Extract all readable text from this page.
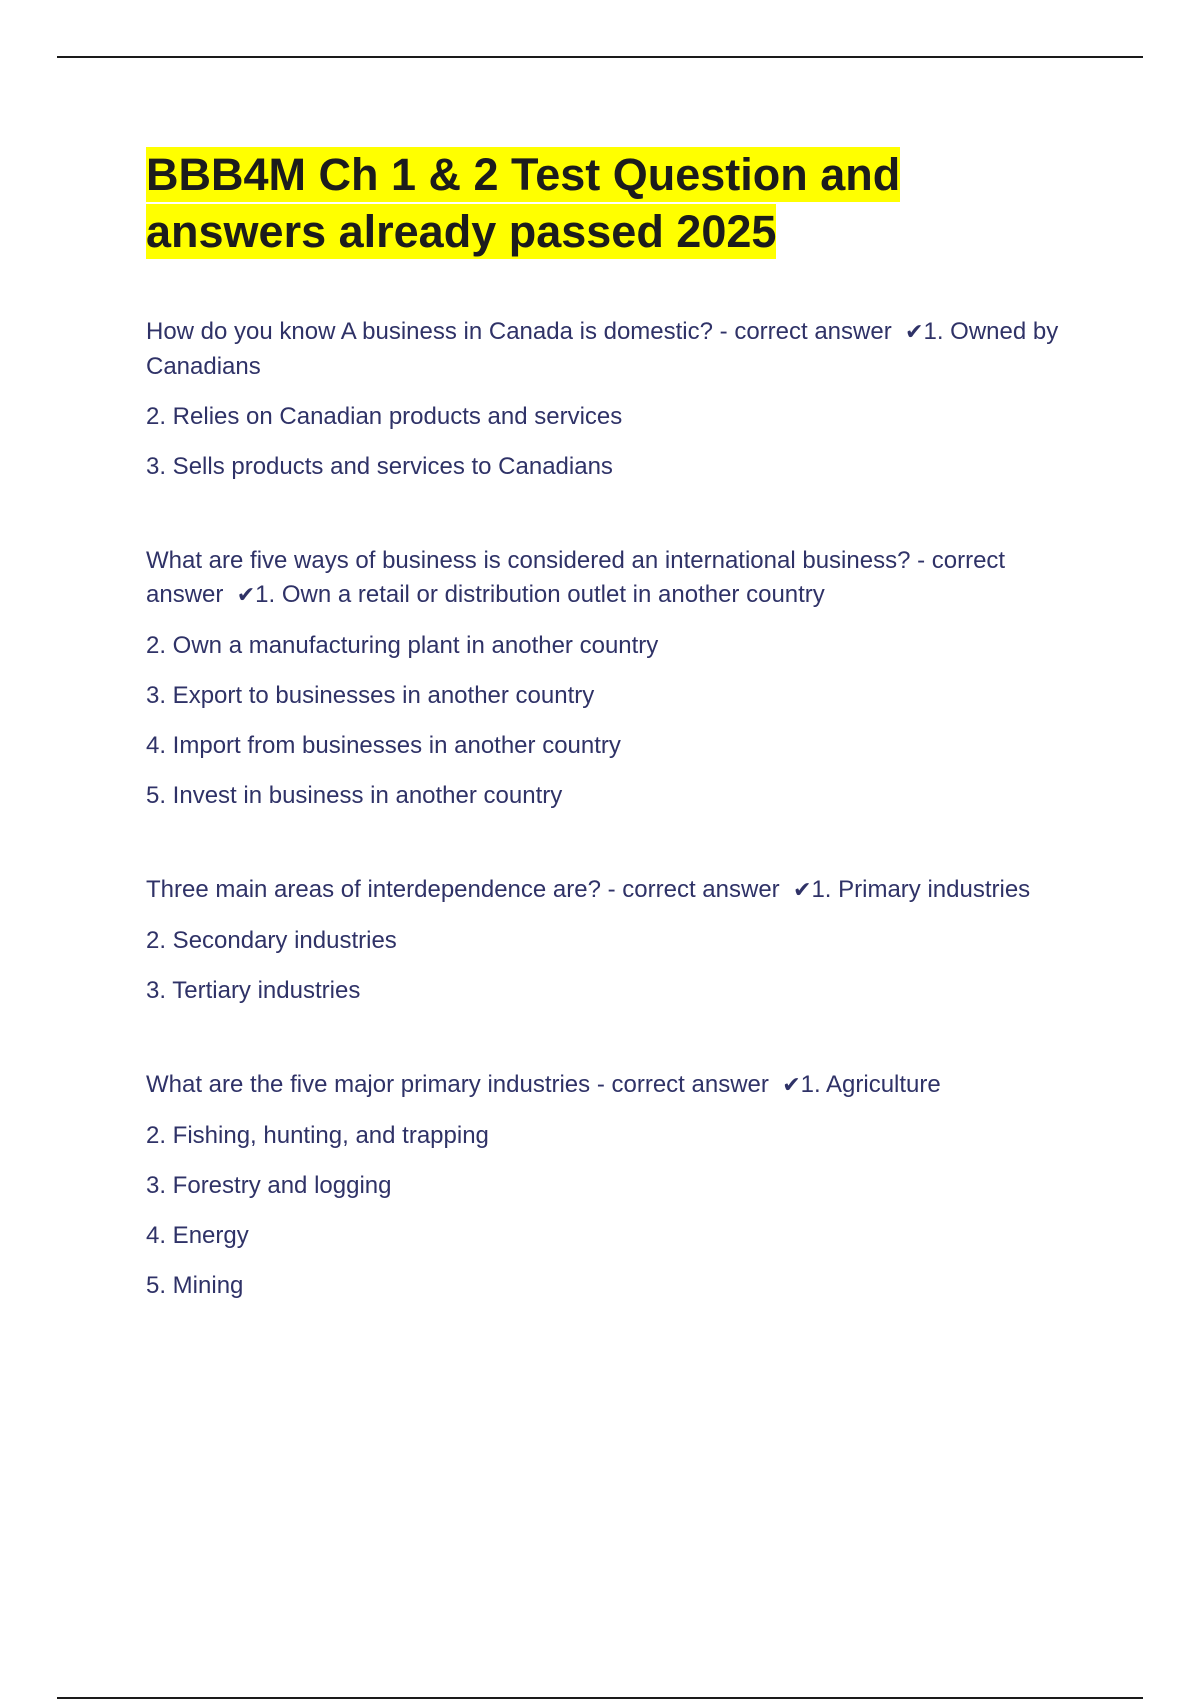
BBB4M Ch 1 & 2 Test Question and answers already passed 2025
How do you know A business in Canada is domestic? - correct answer ✔1. Owned by Canadians
2. Relies on Canadian products and services
3. Sells products and services to Canadians
What are five ways of business is considered an international business? - correct answer ✔1. Own a retail or distribution outlet in another country
2. Own a manufacturing plant in another country
3. Export to businesses in another country
4. Import from businesses in another country
5. Invest in business in another country
Three main areas of interdependence are? - correct answer ✔1. Primary industries
2. Secondary industries
3. Tertiary industries
What are the five major primary industries - correct answer ✔1. Agriculture
2. Fishing, hunting, and trapping
3. Forestry and logging
4. Energy
5. Mining
